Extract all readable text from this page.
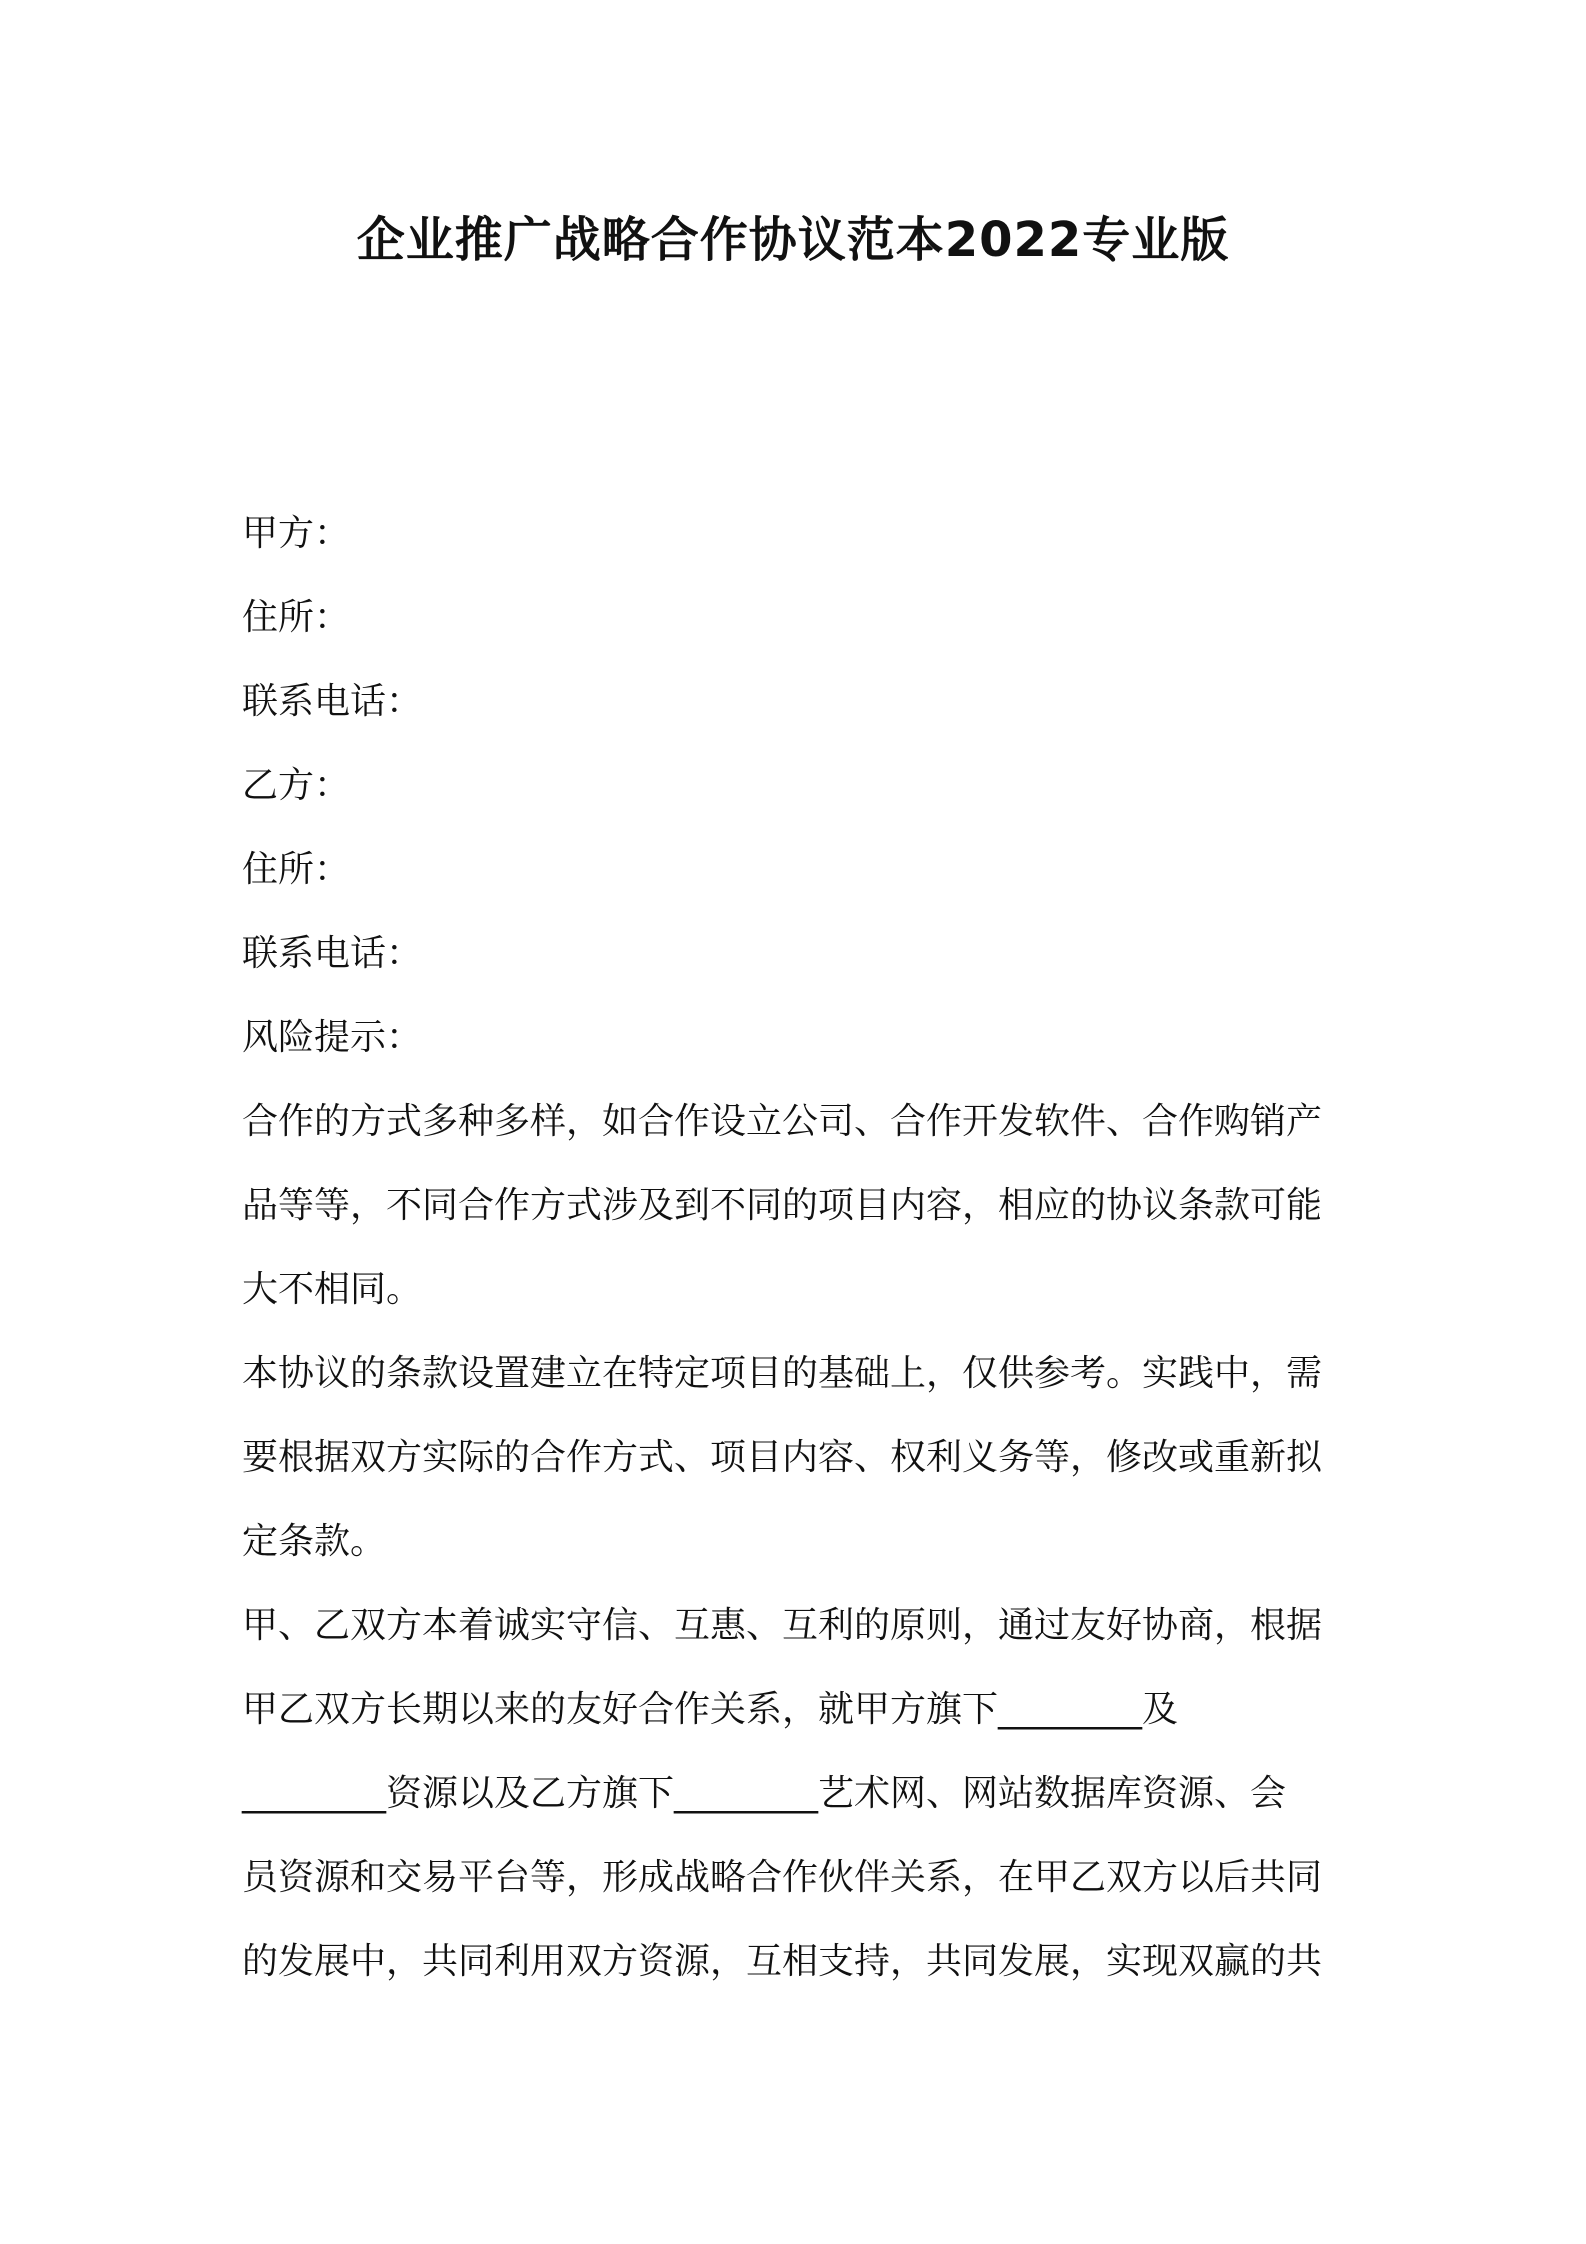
企业推广战略合作协议范本2022专业版

甲方：

住所：

联系电话：

乙方：

住所：

联系电话：

风险提示：

合作的方式多种多样，如合作设立公司、合作开发软件、合作购销产
品等等，不同合作方式涉及到不同的项目内容，相应的协议条款可能
大不相同。

本协议的条款设置建立在特定项目的基础上，仅供参考。实践中，需
要根据双方实际的合作方式、项目内容、权利义务等，修改或重新拟
定条款。

甲、乙双方本着诚实守信、互惠、互利的原则，通过友好协商，根据
甲乙双方长期以来的友好合作关系，就甲方旗下________及
________资源以及乙方旗下________艺术网、网站数据库资源、会
员资源和交易平台等，形成战略合作伙伴关系，在甲乙双方以后共同
的发展中，共同利用双方资源，互相支持，共同发展，实现双赢的共
